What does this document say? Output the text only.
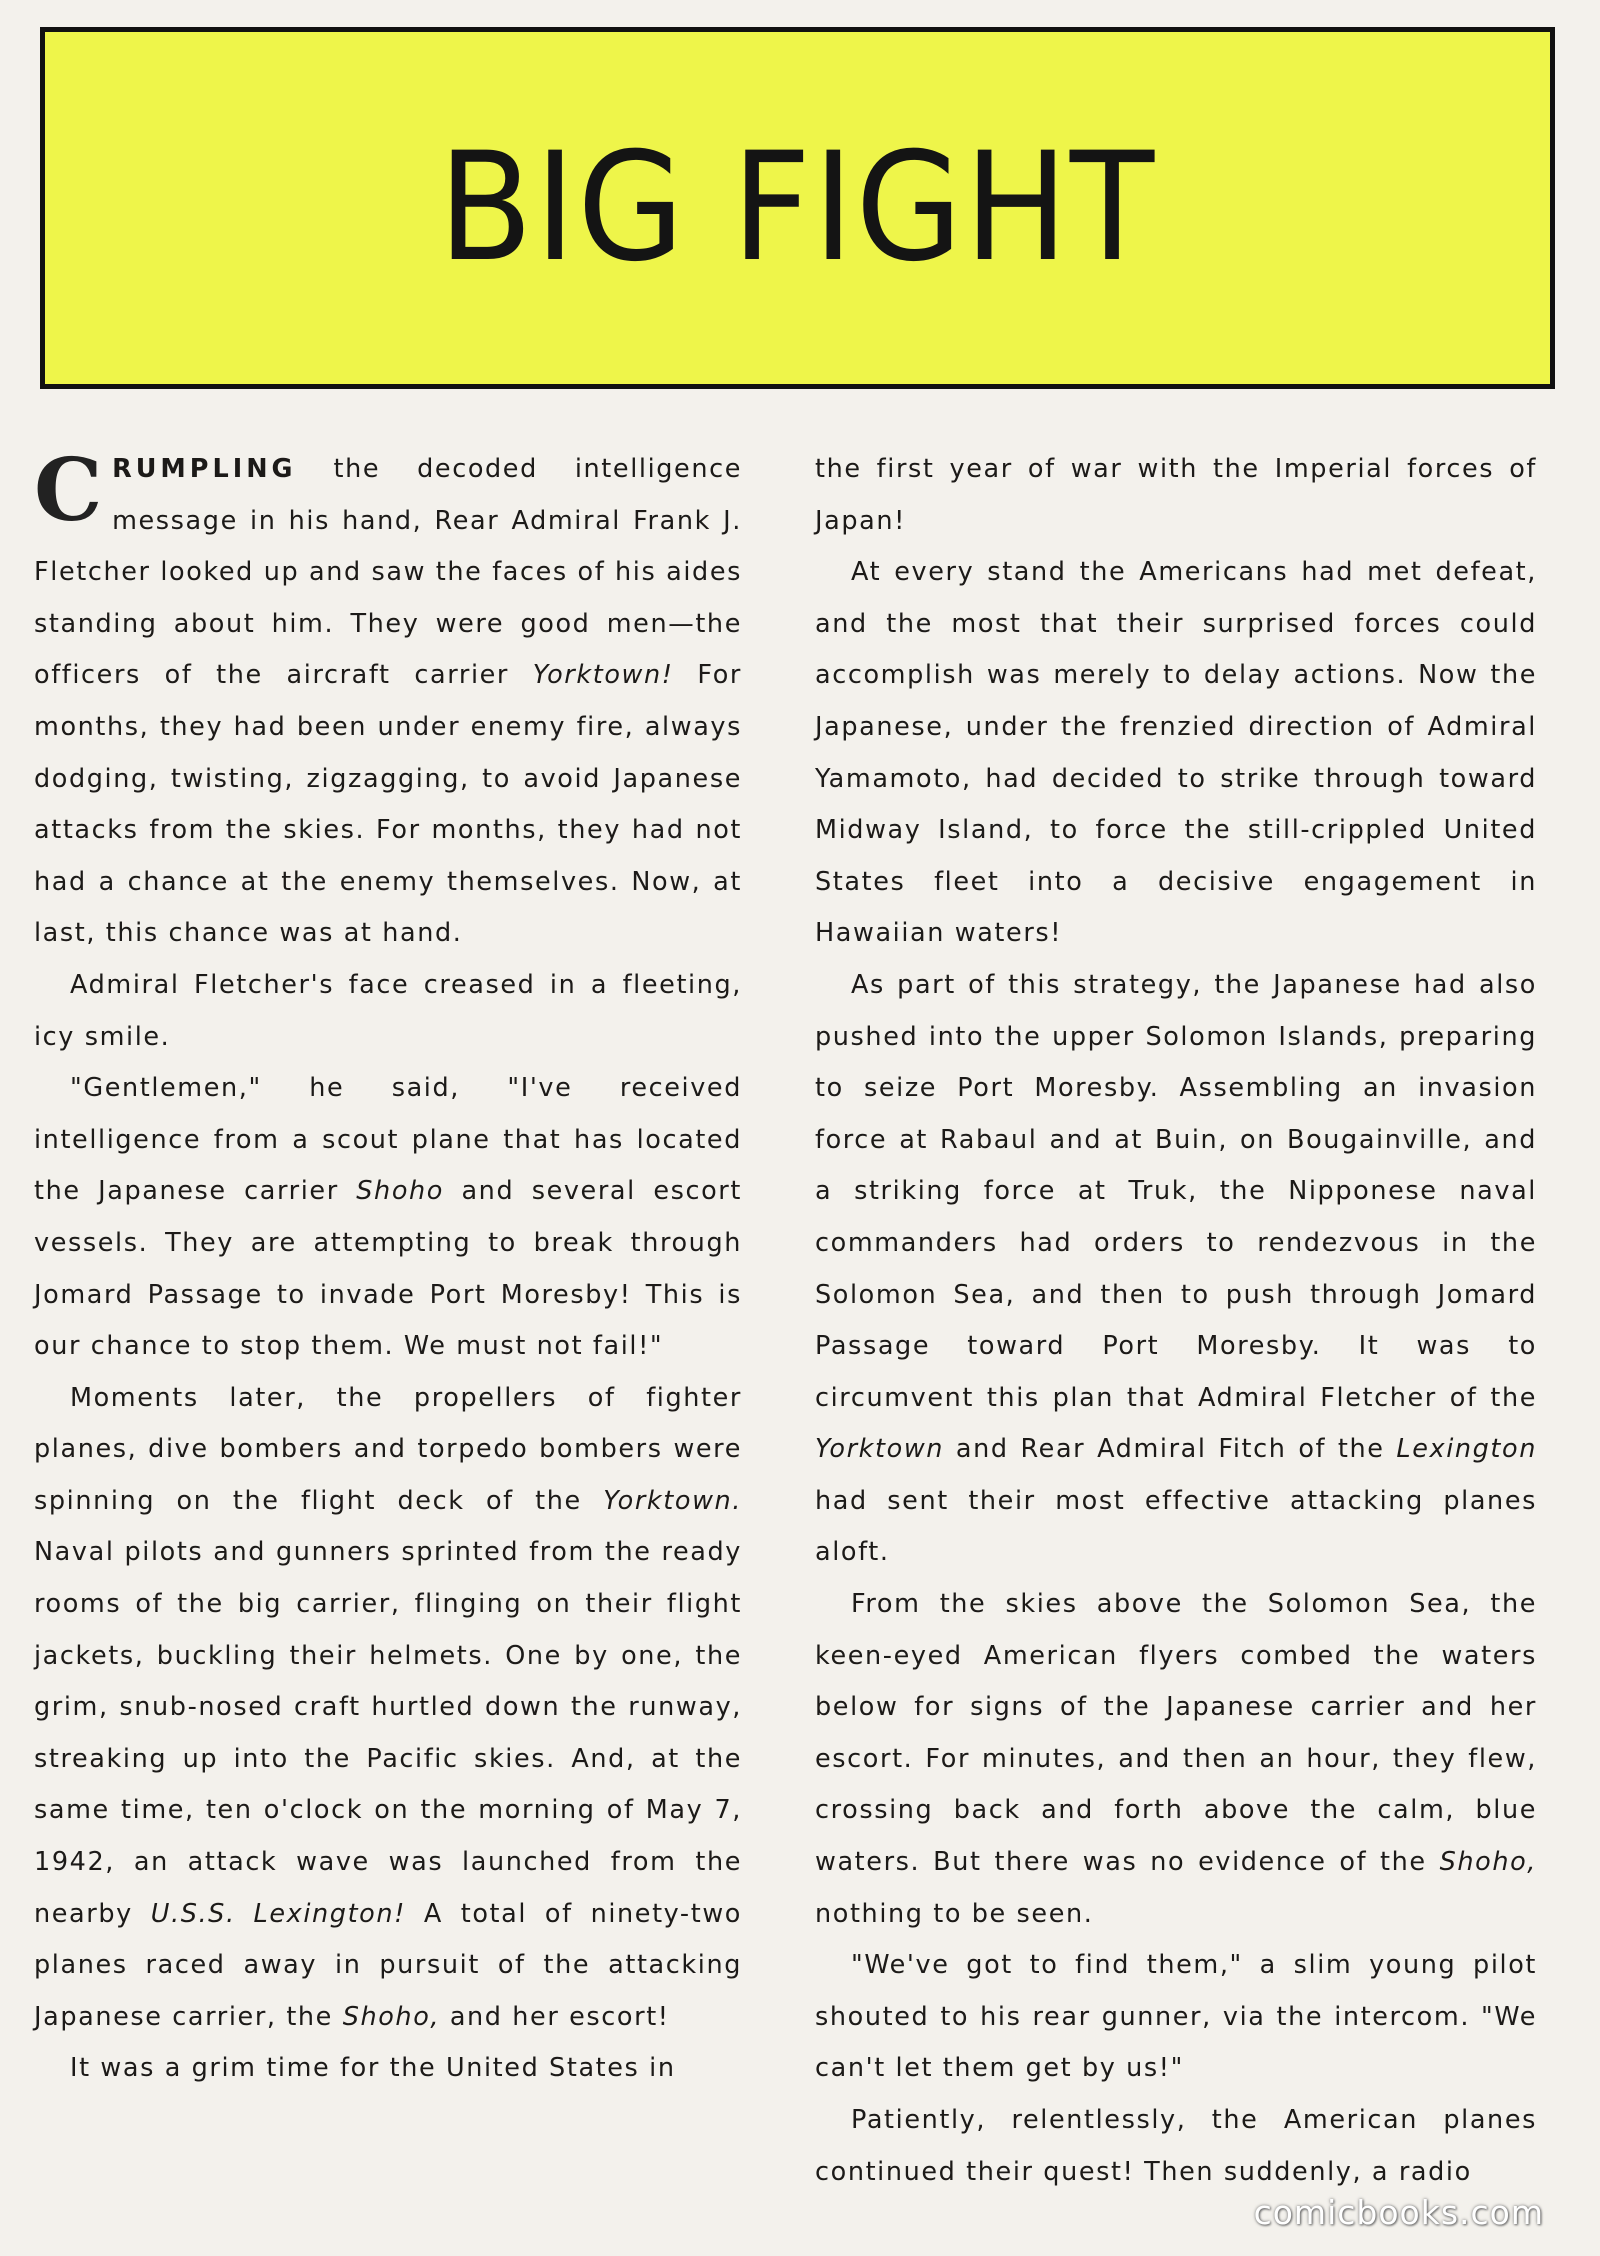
BIG FIGHT

CRUMPLING the decoded intelligence message in his hand, Rear Admiral Frank J. Fletcher looked up and saw the faces of his aides standing about him. They were good men—the officers of the aircraft carrier Yorktown! For months, they had been under enemy fire, always dodging, twisting, zigzagging, to avoid Japanese attacks from the skies. For months, they had not had a chance at the enemy themselves. Now, at last, this chance was at hand.

Admiral Fletcher's face creased in a fleeting, icy smile.

"Gentlemen," he said, "I've received intelligence from a scout plane that has located the Japanese carrier Shoho and several escort vessels. They are attempting to break through Jomard Passage to invade Port Moresby! This is our chance to stop them. We must not fail!"

Moments later, the propellers of fighter planes, dive bombers and torpedo bombers were spinning on the flight deck of the Yorktown. Naval pilots and gunners sprinted from the ready rooms of the big carrier, flinging on their flight jackets, buckling their helmets. One by one, the grim, snub-nosed craft hurtled down the runway, streaking up into the Pacific skies. And, at the same time, ten o'clock on the morning of May 7, 1942, an attack wave was launched from the nearby U.S.S. Lexington! A total of ninety-two planes raced away in pursuit of the attacking Japanese carrier, the Shoho, and her escort!

It was a grim time for the United States in

the first year of war with the Imperial forces of Japan!

At every stand the Americans had met defeat, and the most that their surprised forces could accomplish was merely to delay actions. Now the Japanese, under the frenzied direction of Admiral Yamamoto, had decided to strike through toward Midway Island, to force the still-crippled United States fleet into a decisive engagement in Hawaiian waters!

As part of this strategy, the Japanese had also pushed into the upper Solomon Islands, preparing to seize Port Moresby. Assembling an invasion force at Rabaul and at Buin, on Bougainville, and a striking force at Truk, the Nipponese naval commanders had orders to rendezvous in the Solomon Sea, and then to push through Jomard Passage toward Port Moresby. It was to circumvent this plan that Admiral Fletcher of the Yorktown and Rear Admiral Fitch of the Lexington had sent their most effective attacking planes aloft.

From the skies above the Solomon Sea, the keen-eyed American flyers combed the waters below for signs of the Japanese carrier and her escort. For minutes, and then an hour, they flew, crossing back and forth above the calm, blue waters. But there was no evidence of the Shoho, nothing to be seen.

"We've got to find them," a slim young pilot shouted to his rear gunner, via the intercom. "We can't let them get by us!"

Patiently, relentlessly, the American planes continued their quest! Then suddenly, a radio

comicbooks.com
